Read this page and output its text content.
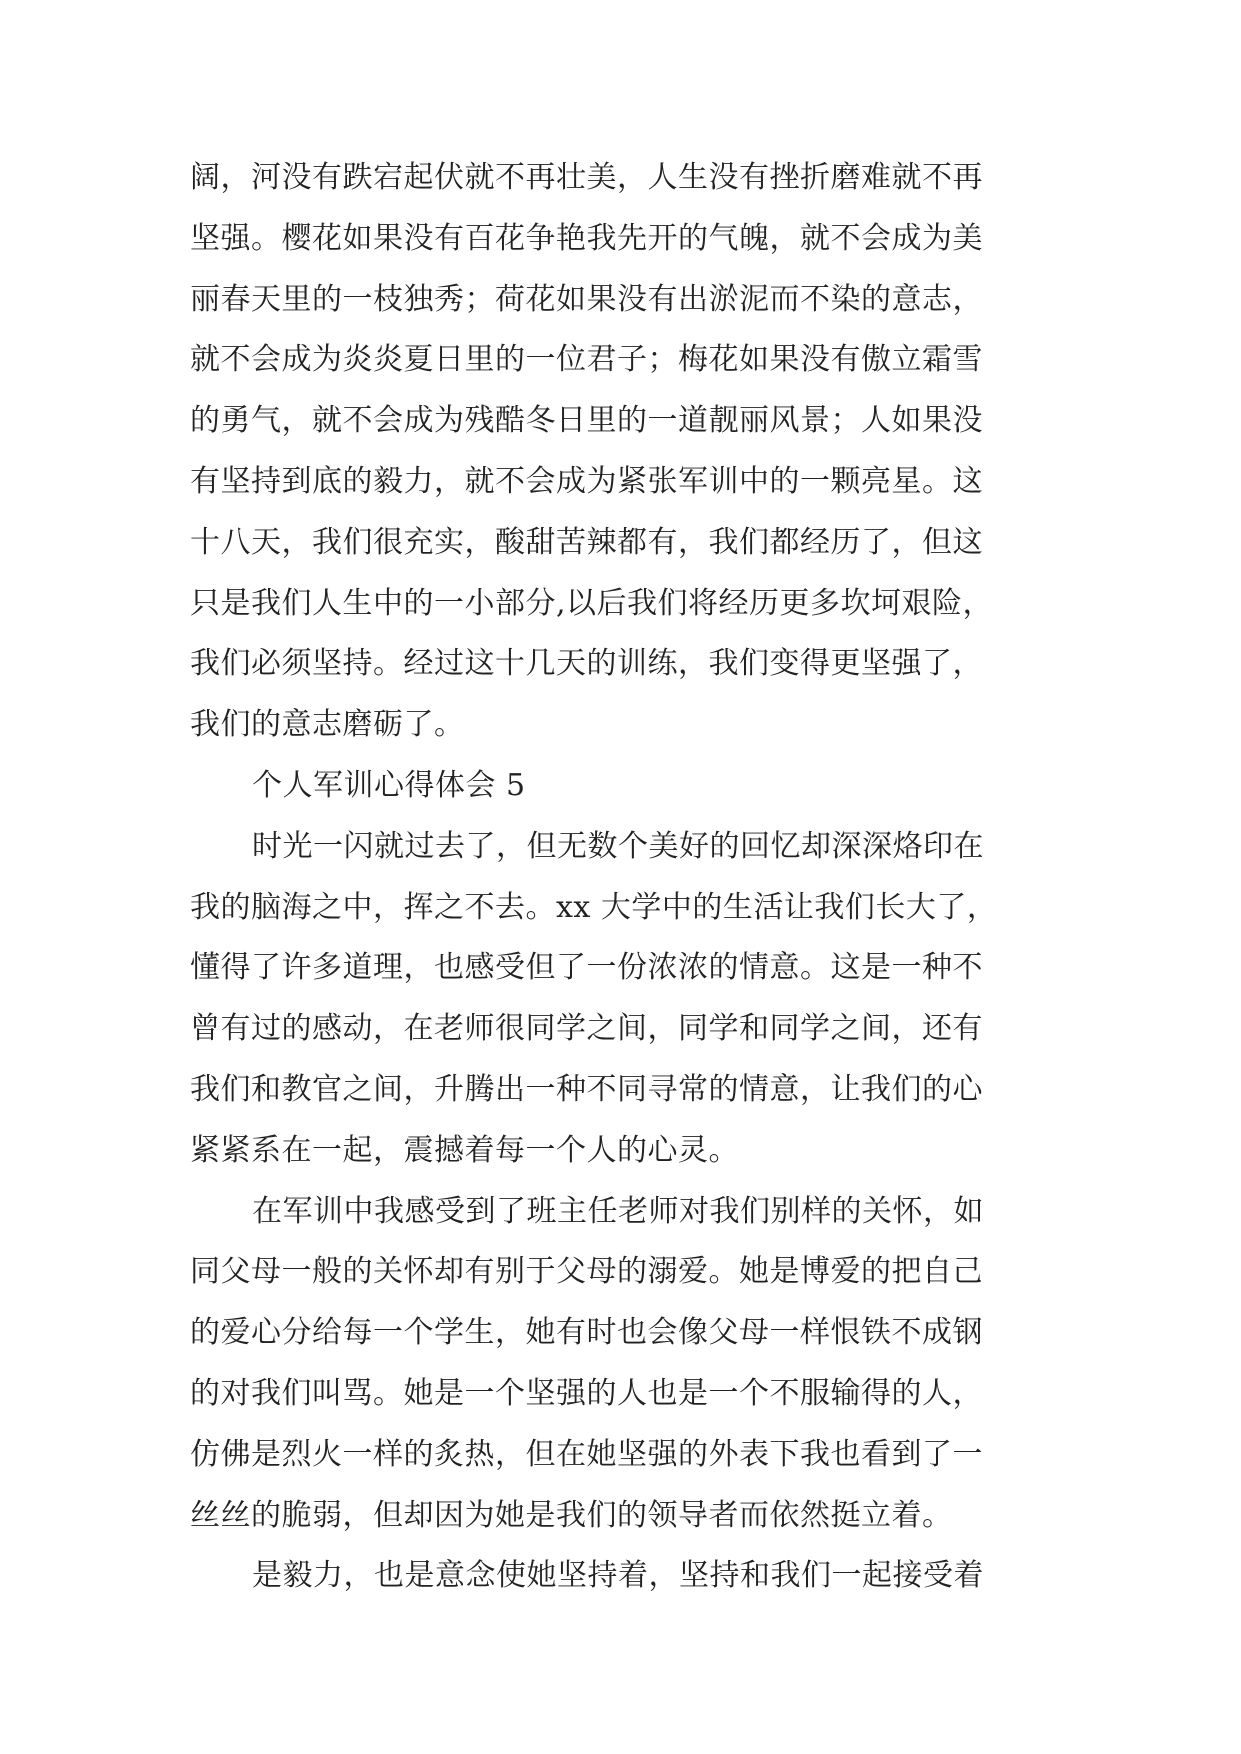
阔，河没有跌宕起伏就不再壮美，人生没有挫折磨难就不再
坚强。樱花如果没有百花争艳我先开的气魄，就不会成为美
丽春天里的一枝独秀；荷花如果没有出淤泥而不染的意志，
就不会成为炎炎夏日里的一位君子；梅花如果没有傲立霜雪
的勇气，就不会成为残酷冬日里的一道靓丽风景；人如果没
有坚持到底的毅力，就不会成为紧张军训中的一颗亮星。这
十八天，我们很充实，酸甜苦辣都有，我们都经历了，但这
只是我们人生中的一小部分,以后我们将经历更多坎坷艰险，
我们必须坚持。经过这十几天的训练，我们变得更坚强了，
我们的意志磨砺了。
个人军训心得体会 5
时光一闪就过去了，但无数个美好的回忆却深深烙印在
我的脑海之中，挥之不去。xx 大学中的生活让我们长大了，
懂得了许多道理，也感受但了一份浓浓的情意。这是一种不
曾有过的感动，在老师很同学之间，同学和同学之间，还有
我们和教官之间，升腾出一种不同寻常的情意，让我们的心
紧紧系在一起，震撼着每一个人的心灵。
在军训中我感受到了班主任老师对我们别样的关怀，如
同父母一般的关怀却有别于父母的溺爱。她是博爱的把自己
的爱心分给每一个学生，她有时也会像父母一样恨铁不成钢
的对我们叫骂。她是一个坚强的人也是一个不服输得的人，
仿佛是烈火一样的炙热，但在她坚强的外表下我也看到了一
丝丝的脆弱，但却因为她是我们的领导者而依然挺立着。
是毅力，也是意念使她坚持着，坚持和我们一起接受着
